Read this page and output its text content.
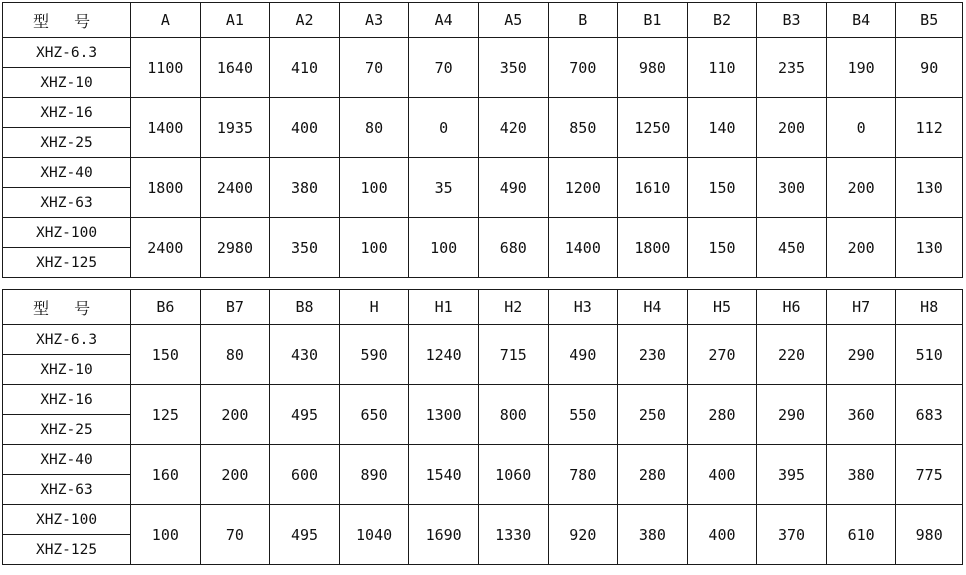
型 号	A	A1	A2	A3	A4	A5	B	B1	B2	B3	B4	B5
XHZ-6.3	1100	1640	410	70	70	350	700	980	110	235	190	90
XHZ-10												
XHZ-16	1400	1935	400	80	0	420	850	1250	140	200	0	112
XHZ-25												
XHZ-40	1800	2400	380	100	35	490	1200	1610	150	300	200	130
XHZ-63												
XHZ-100	2400	2980	350	100	100	680	1400	1800	150	450	200	130
XHZ-125												
型 号	B6	B7	B8	H	H1	H2	H3	H4	H5	H6	H7	H8
XHZ-6.3	150	80	430	590	1240	715	490	230	270	220	290	510
XHZ-10												
XHZ-16	125	200	495	650	1300	800	550	250	280	290	360	683
XHZ-25												
XHZ-40	160	200	600	890	1540	1060	780	280	400	395	380	775
XHZ-63												
XHZ-100	100	70	495	1040	1690	1330	920	380	400	370	610	980
XHZ-125												
